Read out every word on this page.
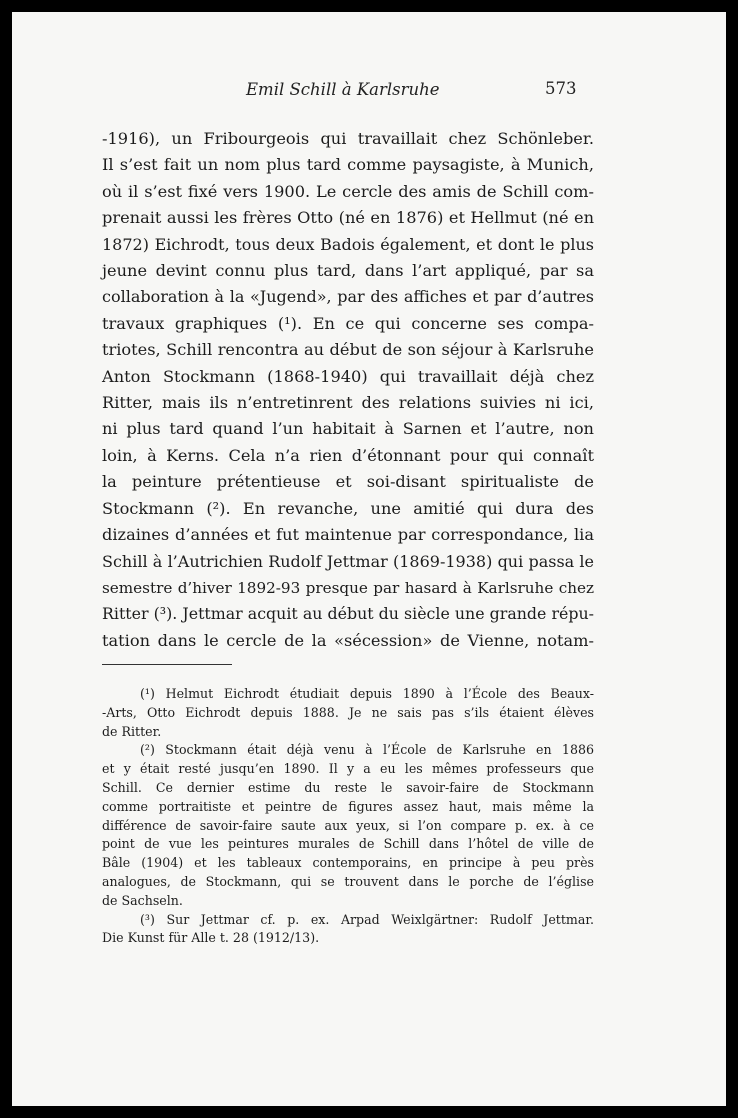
Emil Schill à Karlsruhe	573
-1916), un Fribourgeois qui travaillait chez Schönleber.
Il s’est fait un nom plus tard comme paysagiste, à Munich,
où il s’est fixé vers 1900. Le cercle des amis de Schill com-
prenait aussi les frères Otto (né en 1876) et Hellmut (né en
1872) Eichrodt, tous deux Badois également, et dont le plus
jeune devint connu plus tard, dans l’art appliqué, par sa
collaboration à la «Jugend», par des affiches et par d’autres
travaux graphiques (¹). En ce qui concerne ses compa-
triotes, Schill rencontra au début de son séjour à Karlsruhe
Anton Stockmann (1868-1940) qui travaillait déjà chez
Ritter, mais ils n’entretinrent des relations suivies ni ici,
ni plus tard quand l’un habitait à Sarnen et l’autre, non
loin, à Kerns. Cela n’a rien d’étonnant pour qui connaît
la peinture prétentieuse et soi-disant spiritualiste de
Stockmann (²). En revanche, une amitié qui dura des
dizaines d’années et fut maintenue par correspondance, lia
Schill à l’Autrichien Rudolf Jettmar (1869-1938) qui passa le
semestre d’hiver 1892-93 presque par hasard à Karlsruhe chez
Ritter (³). Jettmar acquit au début du siècle une grande répu-
tation dans le cercle de la «sécession» de Vienne, notam-
(¹) Helmut Eichrodt étudiait depuis 1890 à l’École des Beaux-
-Arts, Otto Eichrodt depuis 1888. Je ne sais pas s’ils étaient élèves
de Ritter.
(²) Stockmann était déjà venu à l’École de Karlsruhe en 1886
et y était resté jusqu’en 1890. Il y a eu les mêmes professeurs que
Schill. Ce dernier estime du reste le savoir-faire de Stockmann
comme portraitiste et peintre de figures assez haut, mais même la
différence de savoir-faire saute aux yeux, si l’on compare p. ex. à ce
point de vue les peintures murales de Schill dans l’hôtel de ville de
Bâle (1904) et les tableaux contemporains, en principe à peu près
analogues, de Stockmann, qui se trouvent dans le porche de l’église
de Sachseln.
(³) Sur Jettmar cf. p. ex. Arpad Weixlgärtner: Rudolf Jettmar.
Die Kunst für Alle t. 28 (1912/13).
